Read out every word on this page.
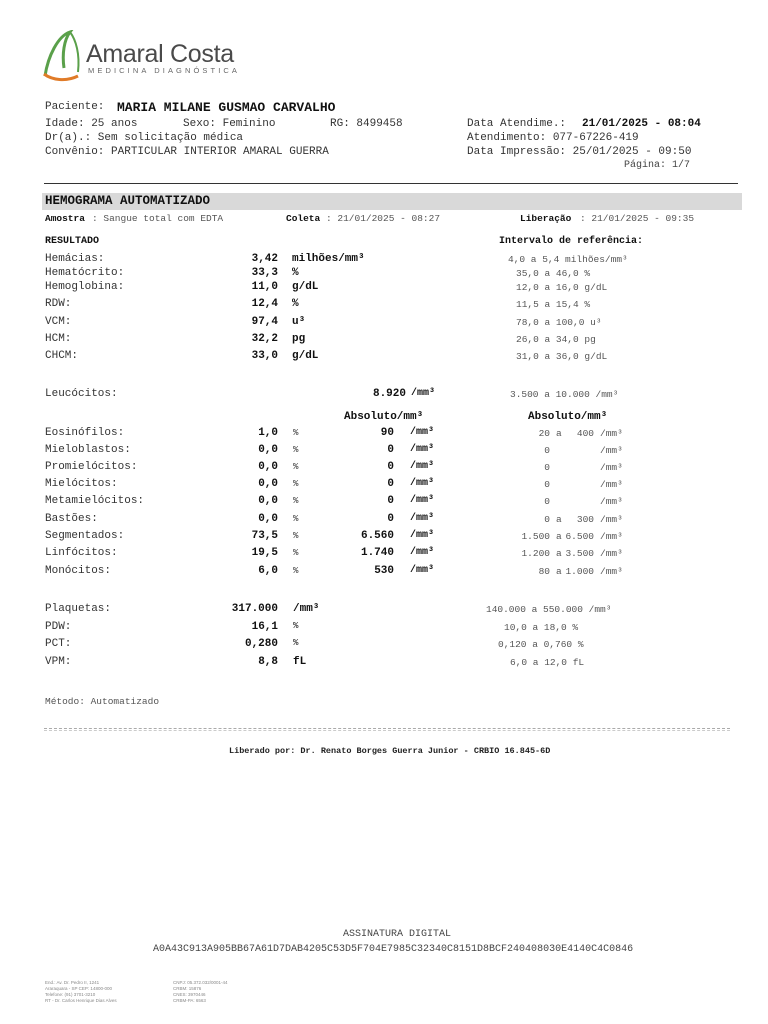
Amaral Costa
MEDICINA DIAGNÓSTICA
Paciente: MARIA MILANE GUSMAO CARVALHO
Idade: 25 anos	Sexo: Feminino	RG: 8499458
Dr(a).: Sem solicitação médica
Convênio: PARTICULAR INTERIOR AMARAL GUERRA
Data Atendime.: 21/01/2025 - 08:04
Atendimento: 077-67226-419
Data Impressão: 25/01/2025 - 09:50
Página: 1/7
HEMOGRAMA AUTOMATIZADO
Amostra : Sangue total com EDTA	Coleta : 21/01/2025 - 08:27	Liberação : 21/01/2025 - 09:35
RESULTADO	Intervalo de referência:
Hemácias:	3,42 milhões/mm³	4,0 a 5,4 milhões/mm³
Hematócrito:	33,3 %	35,0 a 46,0 %
Hemoglobina:	11,0 g/dL	12,0 a 16,0 g/dL
RDW:	12,4 %	11,5 a 15,4 %
VCM:	97,4 u³	78,0 a 100,0 u³
HCM:	32,2 pg	26,0 a 34,0 pg
CHCM:	33,0 g/dL	31,0 a 36,0 g/dL
Leucócitos:	8.920 /mm³	3.500 a 10.000 /mm³
Absoluto/mm³	Absoluto/mm³
Eosinófilos:	1,0 %	90 /mm³	20 a	400 /mm³
Mieloblastos:	0,0 %	0 /mm³	0	/mm³
Promielócitos:	0,0 %	0 /mm³	0	/mm³
Mielócitos:	0,0 %	0 /mm³	0	/mm³
Metamielócitos:	0,0 %	0 /mm³	0	/mm³
Bastões:	0,0 %	0 /mm³	0 a	300 /mm³
Segmentados:	73,5 %	6.560 /mm³	1.500 a 6.500 /mm³
Linfócitos:	19,5 %	1.740 /mm³	1.200 a 3.500 /mm³
Monócitos:	6,0 %	530 /mm³	80 a 1.000 /mm³
Plaquetas:	317.000 /mm³	140.000 a 550.000 /mm³
PDW:	16,1 %	10,0 a 18,0 %
PCT:	0,280 %	0,120 a 0,760 %
VPM:	8,8 fL	6,0 a 12,0 fL
Método: Automatizado
Liberado por: Dr. Renato Borges Guerra Junior - CRBIO 16.845-6D
ASSINATURA DIGITAL
A0A43C913A905BB67A61D7DAB4205C53D5F704E7985C32340C8151D8BCF240408030E4140C4C0846
End.: Av. Dr. Pedro II, 1241
Araraquara - SP CEP: 14800-000
Telefone: (91) 3701-3210
RT - Dr. Carlos Henrique Dias Alves
CNPJ: 05.372.032/0001-44
CRBM: 15876
CNES: 3970446
CRBM-PA: 6563
